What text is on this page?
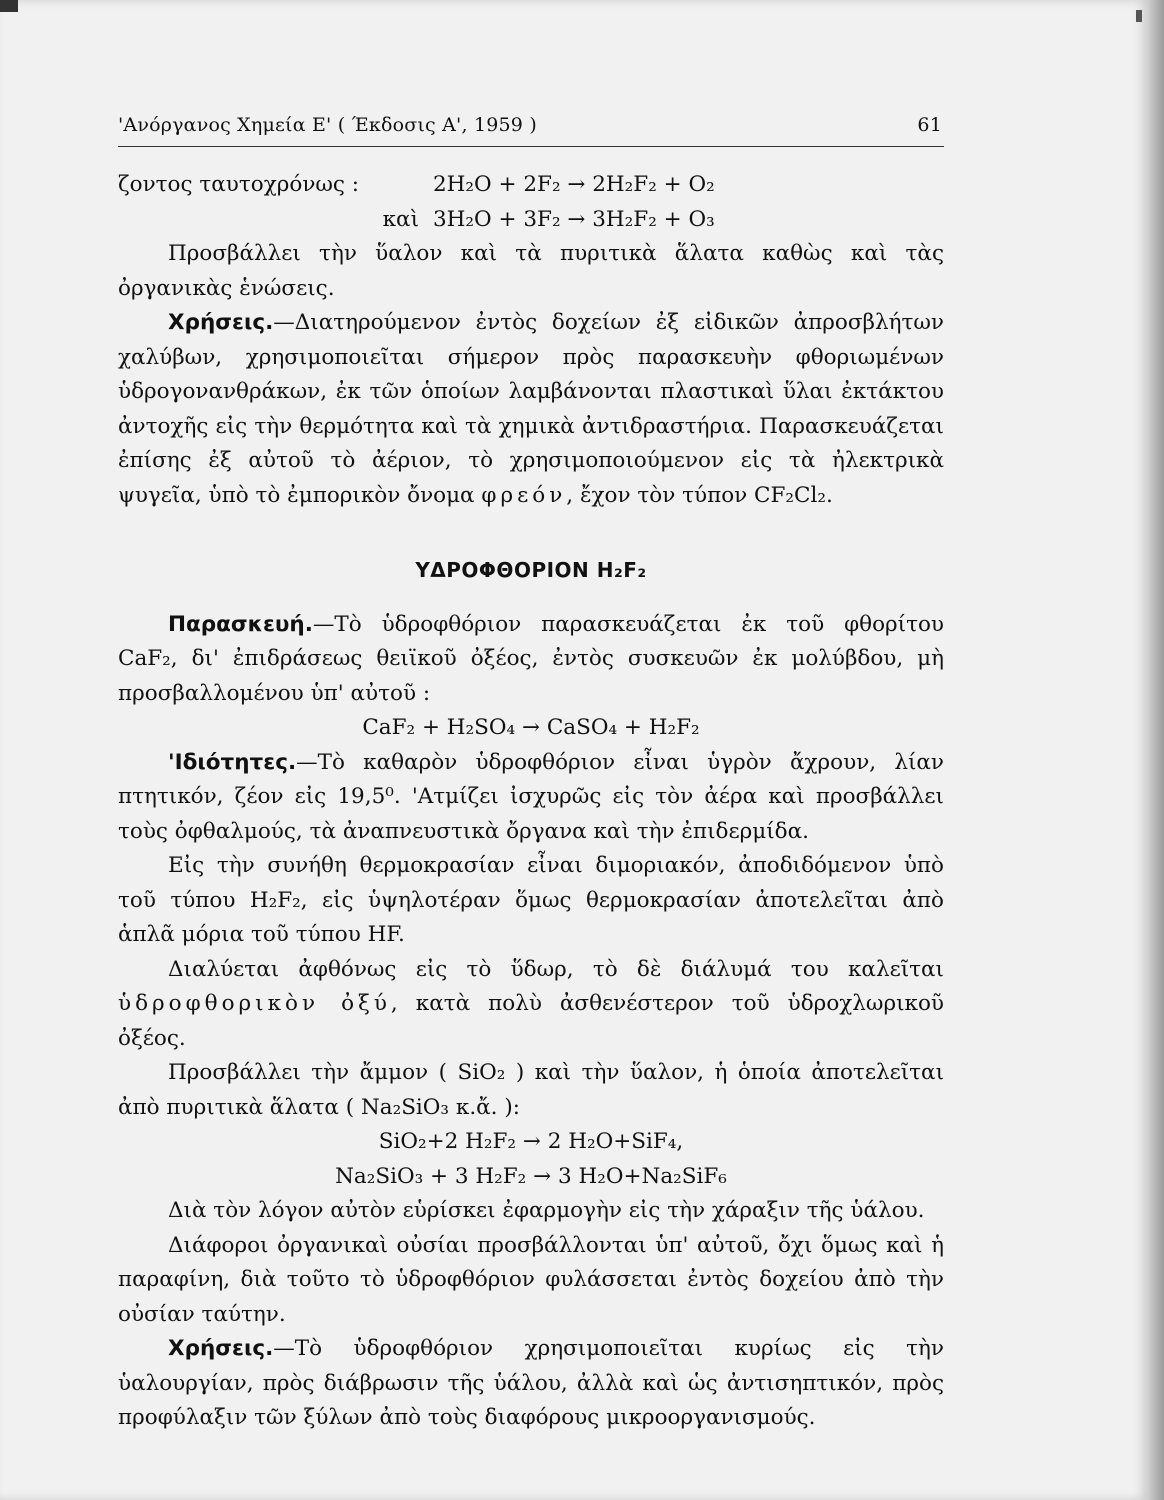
'Ανόργανος Χημεία Ε' ( Έκδοσις Α', 1959 )	61
ζοντος ταυτοχρόνως :	2H₂O + 2F₂ → 2H₂F₂ + O₂
καὶ 3H₂O + 3F₂ → 3H₂F₂ + O₃

Προσβάλλει τὴν ὕαλον καὶ τὰ πυριτικὰ ἅλατα καθὼς καὶ τὰς ὀργανικὰς ἑνώσεις.

Χρήσεις.—Διατηρούμενον ἐντὸς δοχείων ἐξ εἰδικῶν ἀπροσβλήτων χαλύβων, χρησιμοποιεῖται σήμερον πρὸς παρασκευὴν φθοριωμένων ὑδρογονανθράκων, ἐκ τῶν ὁποίων λαμβάνονται πλαστικαὶ ὕλαι ἐκτάκτου ἀντοχῆς εἰς τὴν θερμότητα καὶ τὰ χημικὰ ἀντιδραστήρια. Παρασκευάζεται ἐπίσης ἐξ αὐτοῦ τὸ ἀέριον, τὸ χρησιμοποιούμενον εἰς τὰ ἠλεκτρικὰ ψυγεῖα, ὑπὸ τὸ ἐμπορικὸν ὄνομα φρεόν, ἔχον τὸν τύπον CF₂Cl₂.

ΥΔΡΟΦΘΟΡΙΟΝ H₂F₂

Παρασκευή.—Τὸ ὑδροφθόριον παρασκευάζεται ἐκ τοῦ φθορίτου CaF₂, δι' ἐπιδράσεως θειϊκοῦ ὀξέος, ἐντὸς συσκευῶν ἐκ μολύβδου, μὴ προσβαλλομένου ὑπ' αὐτοῦ :

CaF₂ + H₂SO₄ → CaSO₄ + H₂F₂

'Ιδιότητες.—Τὸ καθαρὸν ὑδροφθόριον εἶναι ὑγρὸν ἄχρουν, λίαν πτητικόν, ζέον εἰς 19,5⁰. 'Ατμίζει ἰσχυρῶς εἰς τὸν ἀέρα καὶ προσβάλλει τοὺς ὀφθαλμούς, τὰ ἀναπνευστικὰ ὄργανα καὶ τὴν ἐπιδερμίδα.

Εἰς τὴν συνήθη θερμοκρασίαν εἶναι διμοριακόν, ἀποδιδόμενον ὑπὸ τοῦ τύπου H₂F₂, εἰς ὑψηλοτέραν ὅμως θερμοκρασίαν ἀποτελεῖται ἀπὸ ἁπλᾶ μόρια τοῦ τύπου HF.

Διαλύεται ἀφθόνως εἰς τὸ ὕδωρ, τὸ δὲ διάλυμά του καλεῖται ὑδροφθορικὸν ὀξύ, κατὰ πολὺ ἀσθενέστερον τοῦ ὑδροχλωρικοῦ ὀξέος.

Προσβάλλει τὴν ἄμμον ( SiO₂ ) καὶ τὴν ὕαλον, ἡ ὁποία ἀποτελεῖται ἀπὸ πυριτικὰ ἅλατα ( Na₂SiO₃ κ.ἄ. ):

SiO₂+2 H₂F₂ → 2 H₂O+SiF₄,
Na₂SiO₃ + 3 H₂F₂ → 3 H₂O+Na₂SiF₆

Διὰ τὸν λόγον αὐτὸν εὑρίσκει ἐφαρμογὴν εἰς τὴν χάραξιν τῆς ὑάλου.

Διάφοροι ὀργανικαὶ οὐσίαι προσβάλλονται ὑπ' αὐτοῦ, ὄχι ὅμως καὶ ἡ παραφίνη, διὰ τοῦτο τὸ ὑδροφθόριον φυλάσσεται ἐντὸς δοχείου ἀπὸ τὴν οὐσίαν ταύτην.

Χρήσεις.—Τὸ ὑδροφθόριον χρησιμοποιεῖται κυρίως εἰς τὴν ὑαλουργίαν, πρὸς διάβρωσιν τῆς ὑάλου, ἀλλὰ καὶ ὡς ἀντισηπτικόν, πρὸς προφύλαξιν τῶν ξύλων ἀπὸ τοὺς διαφόρους μικροοργανισμούς.
